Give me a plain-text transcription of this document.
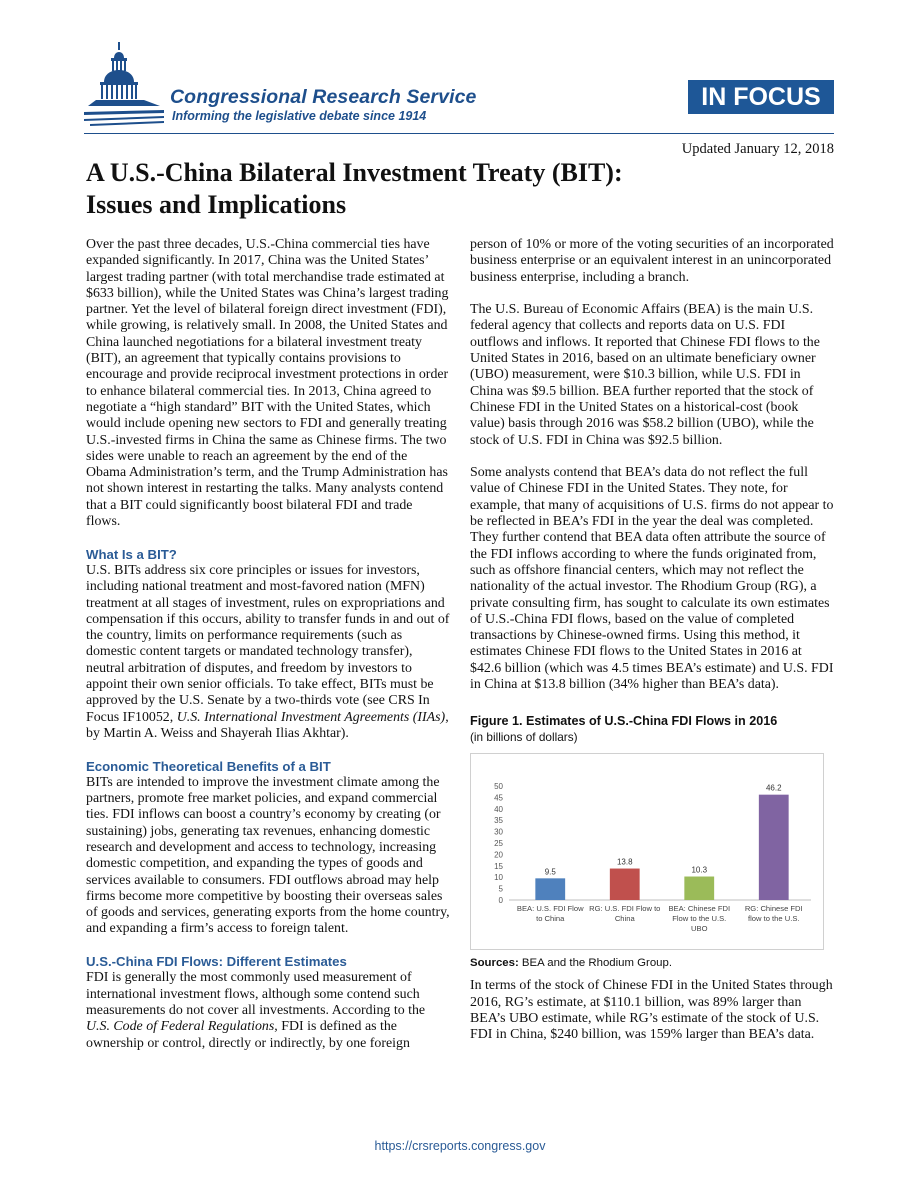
Congressional Research Service
Informing the legislative debate since 1914
IN FOCUS
Updated January 12, 2018
A U.S.-China Bilateral Investment Treaty (BIT):
Issues and Implications

Over the past three decades, U.S.-China commercial ties have expanded significantly. In 2017, China was the United States’ largest trading partner (with total merchandise trade estimated at $633 billion), while the United States was China’s largest trading partner. Yet the level of bilateral foreign direct investment (FDI), while growing, is relatively small. In 2008, the United States and China launched negotiations for a bilateral investment treaty (BIT), an agreement that typically contains provisions to encourage and provide reciprocal investment protections in order to enhance bilateral commercial ties. In 2013, China agreed to negotiate a “high standard” BIT with the United States, which would include opening new sectors to FDI and generally treating U.S.-invested firms in China the same as Chinese firms. The two sides were unable to reach an agreement by the end of the Obama Administration’s term, and the Trump Administration has not shown interest in restarting the talks. Many analysts contend that a BIT could significantly boost bilateral FDI and trade flows.

What Is a BIT?

U.S. BITs address six core principles or issues for investors, including national treatment and most-favored nation (MFN) treatment at all stages of investment, rules on expropriations and compensation if this occurs, ability to transfer funds in and out of the country, limits on performance requirements (such as domestic content targets or mandated technology transfer), neutral arbitration of disputes, and freedom by investors to appoint their own senior officials. To take effect, BITs must be approved by the U.S. Senate by a two-thirds vote (see CRS In Focus IF10052, U.S. International Investment Agreements (IIAs), by Martin A. Weiss and Shayerah Ilias Akhtar).

Economic Theoretical Benefits of a BIT

BITs are intended to improve the investment climate among the partners, promote free market policies, and expand commercial ties. FDI inflows can boost a country’s economy by creating (or sustaining) jobs, generating tax revenues, enhancing domestic research and development and access to technology, increasing domestic competition, and expanding the types of goods and services available to consumers. FDI outflows abroad may help firms become more competitive by boosting their overseas sales of goods and services, generating exports from the home country, and expanding a firm’s access to foreign talent.

U.S.-China FDI Flows: Different Estimates

FDI is generally the most commonly used measurement of international investment flows, although some contend such measurements do not cover all investments. According to the U.S. Code of Federal Regulations, FDI is defined as the ownership or control, directly or indirectly, by one foreign

person of 10% or more of the voting securities of an incorporated business enterprise or an equivalent interest in an unincorporated business enterprise, including a branch.

The U.S. Bureau of Economic Affairs (BEA) is the main U.S. federal agency that collects and reports data on U.S. FDI outflows and inflows. It reported that Chinese FDI flows to the United States in 2016, based on an ultimate beneficiary owner (UBO) measurement, were $10.3 billion, while U.S. FDI in China was $9.5 billion. BEA further reported that the stock of Chinese FDI in the United States on a historical-cost (book value) basis through 2016 was $58.2 billion (UBO), while the stock of U.S. FDI in China was $92.5 billion.

Some analysts contend that BEA’s data do not reflect the full value of Chinese FDI in the United States. They note, for example, that many of acquisitions of U.S. firms do not appear to be reflected in BEA’s FDI in the year the deal was completed. They further contend that BEA data often attribute the source of the FDI inflows according to where the funds originated from, such as offshore financial centers, which may not reflect the nationality of the actual investor. The Rhodium Group (RG), a private consulting firm, has sought to calculate its own estimates of U.S.-China FDI flows, based on the value of completed transactions by Chinese-owned firms. Using this method, it estimates Chinese FDI flows to the United States in 2016 at $42.6 billion (which was 4.5 times BEA’s estimate) and U.S. FDI in China at $13.8 billion (34% higher than BEA’s data).

Figure 1. Estimates of U.S.-China FDI Flows in 2016
(in billions of dollars)
0
5
10
15
20
25
30
35
40
45
50
9.5
BEA: U.S. FDI Flow
to China
13.8
RG: U.S. FDI Flow to
China
10.3
BEA: Chinese FDI
Flow to the U.S.
UBO
46.2
RG: Chinese FDI
flow to the U.S.
Sources: BEA and the Rhodium Group.

In terms of the stock of Chinese FDI in the United States through 2016, RG’s estimate, at $110.1 billion, was 89% larger than BEA’s UBO estimate, while RG’s estimate of the stock of U.S. FDI in China, $240 billion, was 159% larger than BEA’s data.

https://crsreports.congress.gov
